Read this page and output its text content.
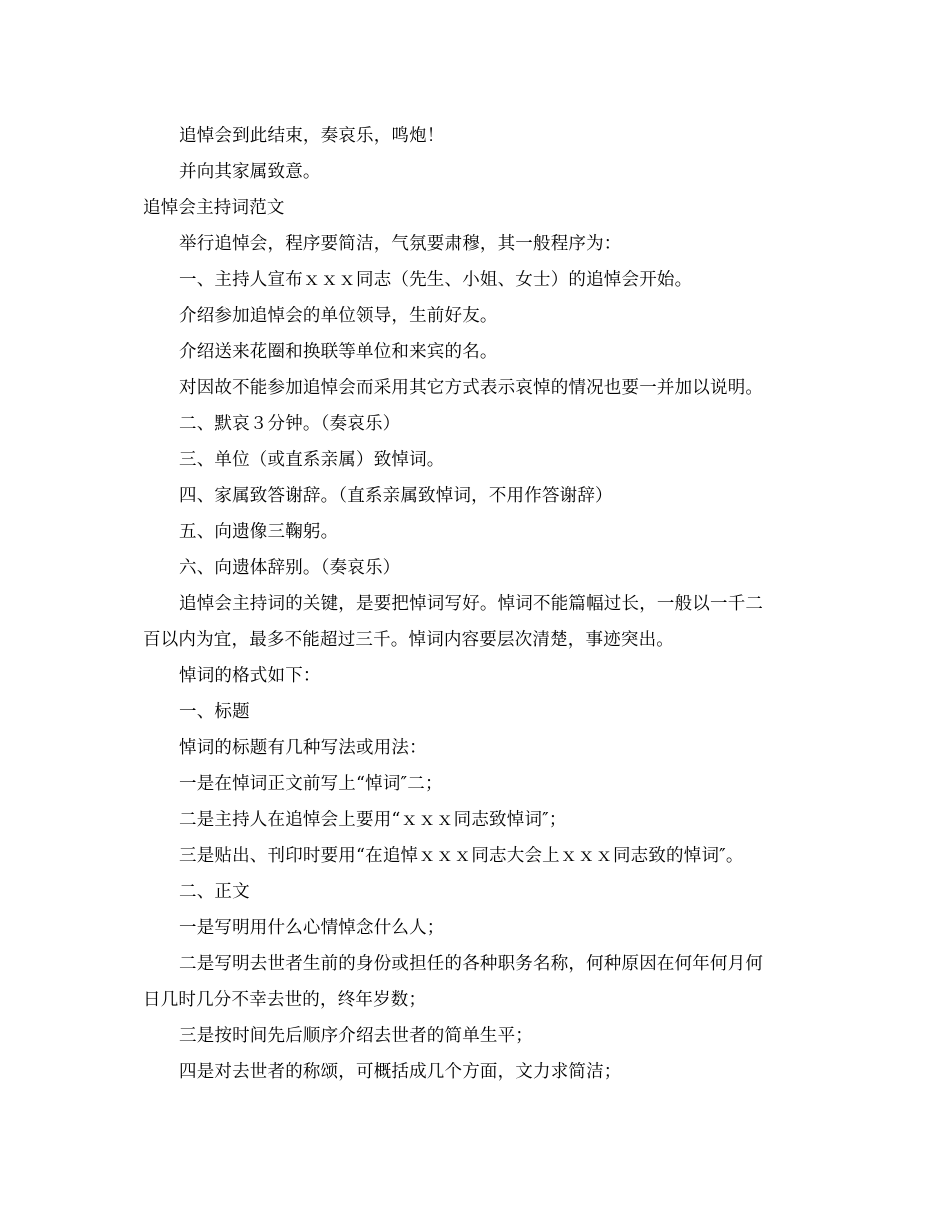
追悼会到此结束，奏哀乐，鸣炮！
并向其家属致意。
追悼会主持词范文
举行追悼会，程序要简洁，气氛要肃穆，其一般程序为：
一、主持人宣布ｘｘｘ同志（先生、小姐、女士）的追悼会开始。
介绍参加追悼会的单位领导，生前好友。
介绍送来花圈和换联等单位和来宾的名。
对因故不能参加追悼会而采用其它方式表示哀悼的情况也要一并加以说明。
二、默哀３分钟。（奏哀乐）
三、单位（或直系亲属）致悼词。
四、家属致答谢辞。（直系亲属致悼词，不用作答谢辞）
五、向遗像三鞠躬。
六、向遗体辞别。（奏哀乐）
追悼会主持词的关键，是要把悼词写好。悼词不能篇幅过长，一般以一千二
百以内为宜，最多不能超过三千。悼词内容要层次清楚，事迹突出。
悼词的格式如下：
一、标题
悼词的标题有几种写法或用法：
一是在悼词正文前写上“悼词″二；
二是主持人在追悼会上要用“ｘｘｘ同志致悼词″；
三是贴出、刊印时要用“在追悼ｘｘｘ同志大会上ｘｘｘ同志致的悼词″。
二、正文
一是写明用什么心情悼念什么人；
二是写明去世者生前的身份或担任的各种职务名称，何种原因在何年何月何
日几时几分不幸去世的，终年岁数；
三是按时间先后顺序介绍去世者的简单生平；
四是对去世者的称颂，可概括成几个方面，文力求简洁；
